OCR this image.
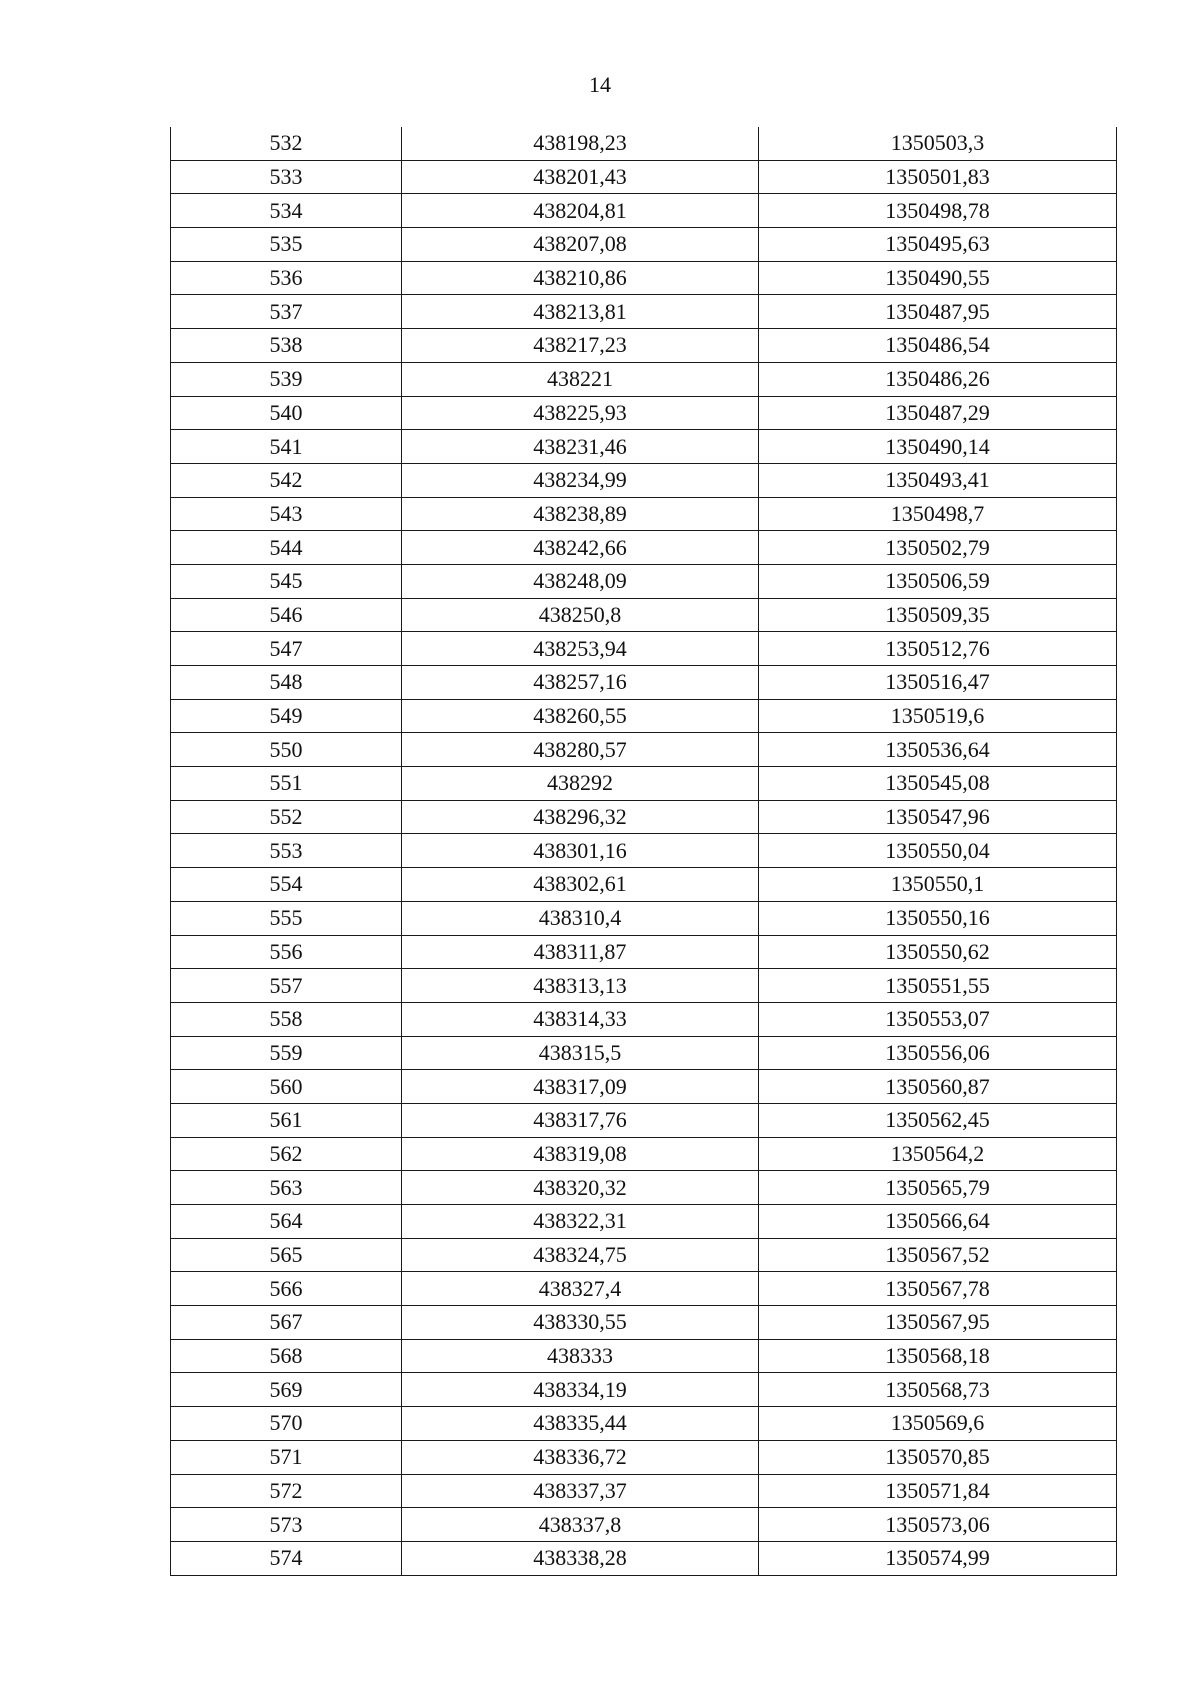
14
532	438198,23	1350503,3
533	438201,43	1350501,83
534	438204,81	1350498,78
535	438207,08	1350495,63
536	438210,86	1350490,55
537	438213,81	1350487,95
538	438217,23	1350486,54
539	438221	1350486,26
540	438225,93	1350487,29
541	438231,46	1350490,14
542	438234,99	1350493,41
543	438238,89	1350498,7
544	438242,66	1350502,79
545	438248,09	1350506,59
546	438250,8	1350509,35
547	438253,94	1350512,76
548	438257,16	1350516,47
549	438260,55	1350519,6
550	438280,57	1350536,64
551	438292	1350545,08
552	438296,32	1350547,96
553	438301,16	1350550,04
554	438302,61	1350550,1
555	438310,4	1350550,16
556	438311,87	1350550,62
557	438313,13	1350551,55
558	438314,33	1350553,07
559	438315,5	1350556,06
560	438317,09	1350560,87
561	438317,76	1350562,45
562	438319,08	1350564,2
563	438320,32	1350565,79
564	438322,31	1350566,64
565	438324,75	1350567,52
566	438327,4	1350567,78
567	438330,55	1350567,95
568	438333	1350568,18
569	438334,19	1350568,73
570	438335,44	1350569,6
571	438336,72	1350570,85
572	438337,37	1350571,84
573	438337,8	1350573,06
574	438338,28	1350574,99
